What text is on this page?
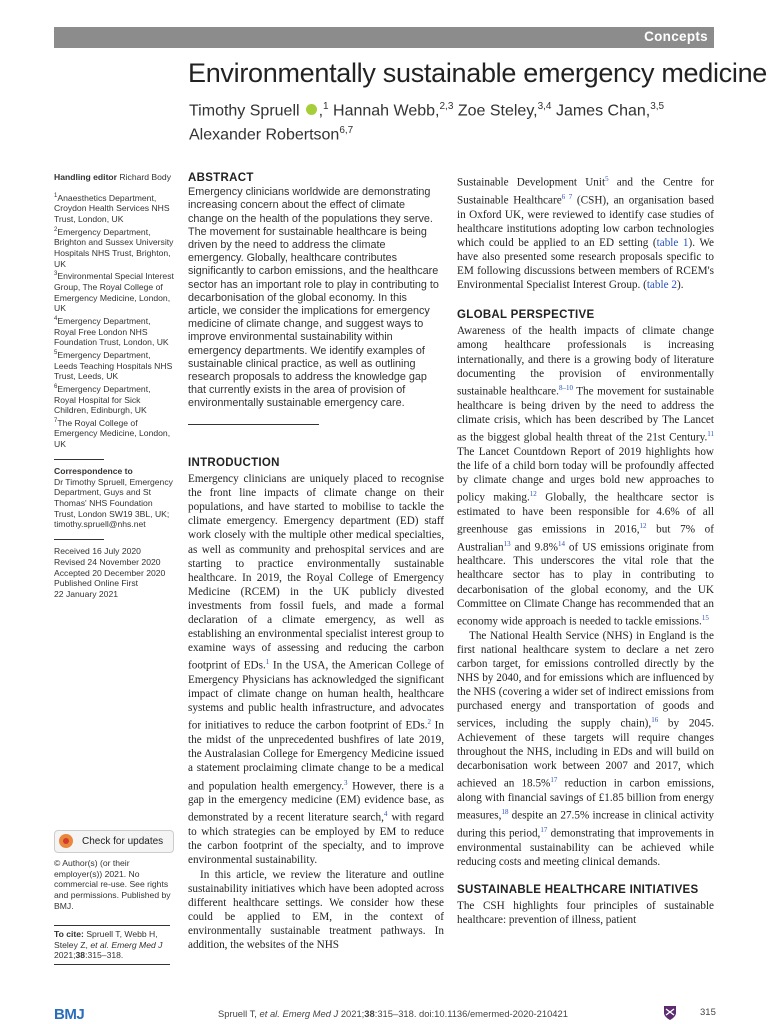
Concepts
Environmentally sustainable emergency medicine
Timothy Spruell ,$^1$ Hannah Webb,$^{2,3}$ Zoe Steley,$^{3,4}$ James Chan,$^{3,5}$
Alexander Robertson$^{6,7}$
Handling editor Richard Body
$^1$Anaesthetics Department, Croydon Health Services NHS Trust, London, UK
$^2$Emergency Department, Brighton and Sussex University Hospitals NHS Trust, Brighton, UK
$^3$Environmental Special Interest Group, The Royal College of Emergency Medicine, London, UK
$^4$Emergency Department, Royal Free London NHS Foundation Trust, London, UK
$^5$Emergency Department, Leeds Teaching Hospitals NHS Trust, Leeds, UK
$^6$Emergency Department, Royal Hospital for Sick Children, Edinburgh, UK
$^7$The Royal College of Emergency Medicine, London, UK
Correspondence to
Dr Timothy Spruell, Emergency Department, Guys and St Thomas' NHS Foundation Trust, London SW19 3BL, UK; timothy.spruell@nhs.net
Received 16 July 2020
Revised 24 November 2020
Accepted 20 December 2020
Published Online First
22 January 2021
Check for updates
© Author(s) (or their employer(s)) 2021. No commercial re-use. See rights and permissions. Published by BMJ.
To cite: Spruell T, Webb H, Steley Z, et al. Emerg Med J
2021;38:315–318.
ABSTRACT
Emergency clinicians worldwide are demonstrating increasing concern about the effect of climate change on the health of the populations they serve. The movement for sustainable healthcare is being driven by the need to address the climate emergency. Globally, healthcare contributes significantly to carbon emissions, and the healthcare sector has an important role to play in contributing to decarbonisation of the global economy. In this article, we consider the implications for emergency medicine of climate change, and suggest ways to improve environmental sustainability within emergency departments. We identify examples of sustainable clinical practice, as well as outlining research proposals to address the knowledge gap that currently exists in the area of provision of environmentally sustainable emergency care.
INTRODUCTION

Emergency clinicians are uniquely placed to recognise the front line impacts of climate change on their populations, and have started to mobilise to tackle the climate emergency. Emergency department (ED) staff work closely with the multiple other medical specialties, as well as community and prehospital services and are starting to practice environmentally sustainable healthcare. In 2019, the Royal College of Emergency Medicine (RCEM) in the UK publicly divested investments from fossil fuels, and made a formal declaration of a climate emergency, as well as establishing an environmental specialist interest group to examine ways of assessing and reducing the carbon footprint of EDs.$^1$ In the USA, the American College of Emergency Physicians has acknowledged the significant impact of climate change on human health, healthcare systems and public health infrastructure, and advocates for initiatives to reduce the carbon footprint of EDs.$^2$ In the midst of the unprecedented bushfires of late 2019, the Australasian College for Emergency Medicine issued a statement proclaiming climate change to be a medical and population health emergency.$^3$ However, there is a gap in the emergency medicine (EM) evidence base, as demonstrated by a recent literature search,$^4$ with regard to which strategies can be employed by EM to reduce the carbon footprint of the specialty, and to improve environmental sustainability.

In this article, we review the literature and outline sustainability initiatives which have been adopted across different healthcare settings. We consider how these could be applied to EM, in the context of environmentally sustainable treatment pathways. In addition, the websites of the NHS

Sustainable Development Unit$^5$ and the Centre for Sustainable Healthcare$^{6 7}$ (CSH), an organisation based in Oxford UK, were reviewed to identify case studies of healthcare institutions adopting low carbon technologies which could be applied to an ED setting (table 1). We have also presented some research proposals specific to EM following discussions between members of RCEM's Environmental Specialist Interest Group. (table 2).

GLOBAL PERSPECTIVE

Awareness of the health impacts of climate change among healthcare professionals is increasing internationally, and there is a growing body of literature documenting the provision of environmentally sustainable healthcare.$^{8-10}$ The movement for sustainable healthcare is being driven by the need to address the climate crisis, which has been described by The Lancet as the biggest global health threat of the 21st Century.$^{11}$ The Lancet Countdown Report of 2019 highlights how the life of a child born today will be profoundly affected by climate change and urges bold new approaches to policy making.$^{12}$ Globally, the healthcare sector is estimated to have been responsible for 4.6% of all greenhouse gas emissions in 2016,12 but 7% of Australian$^{13}$ and 9.8%$^{14}$ of US emissions originate from healthcare. This underscores the vital role that the healthcare sector has to play in contributing to decarbonisation of the global economy, and the UK Committee on Climate Change has recommended that an economy wide approach is needed to tackle emissions.$^{15}$

The National Health Service (NHS) in England is the first national healthcare system to declare a net zero carbon target, for emissions controlled directly by the NHS by 2040, and for emissions which are influenced by the NHS (covering a wider set of indirect emissions from purchased energy and transportation of goods and services, including the supply chain),$^{16}$ by 2045. Achievement of these targets will require changes throughout the NHS, including in EDs and will build on decarbonisation work between 2007 and 2017, which achieved an 18.5%$^{17}$ reduction in carbon emissions, along with financial savings of £1.85 billion from energy measures,$^{18}$ despite an 27.5% increase in clinical activity during this period,$^{17}$ demonstrating that improvements in environmental sustainability can be achieved while reducing costs and meeting clinical demands.

SUSTAINABLE HEALTHCARE INITIATIVES

The CSH highlights four principles of sustainable healthcare: prevention of illness, patient

BMJ	Spruell T, et al. Emerg Med J 2021;38:315–318. doi:10.1136/emermed-2020-210421	315
